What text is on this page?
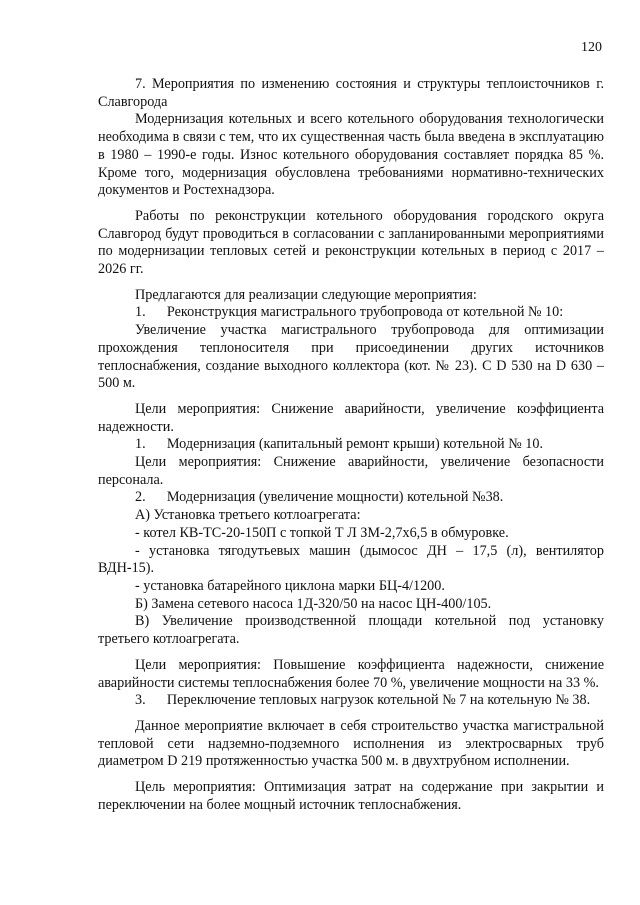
120

7. Мероприятия по изменению состояния и структуры теплоисточников г. Славгорода

Модернизация котельных и всего котельного оборудования технологически необходима в связи с тем, что их существенная часть была введена в эксплуатацию в 1980 – 1990-е годы. Износ котельного оборудования составляет порядка 85 %. Кроме того, модернизация обусловлена требованиями нормативно-технических документов и Ростехнадзора.

Работы по реконструкции котельного оборудования городского округа Славгород будут проводиться в согласовании с запланированными мероприятиями по модернизации тепловых сетей и реконструкции котельных в период с 2017 – 2026 гг.

Предлагаются для реализации следующие мероприятия:

1.      Реконструкция магистрального трубопровода от котельной № 10:

Увеличение участка магистрального трубопровода для оптимизации прохождения теплоносителя при присоединении других источников теплоснабжения, создание выходного коллектора (кот. № 23). С D 530 на D 630 – 500 м.

Цели мероприятия: Снижение аварийности, увеличение коэффициента надежности.

1.      Модернизация (капитальный ремонт крыши) котельной № 10.

Цели мероприятия: Снижение аварийности, увеличение безопасности персонала.

2.      Модернизация (увеличение мощности) котельной №38.

А) Установка третьего котлоагрегата:

- котел КВ-ТС-20-150П с топкой Т Л ЗМ-2,7х6,5 в обмуровке.

- установка тягодутьевых машин (дымосос ДН – 17,5 (л), вентилятор ВДН-15).

- установка батарейного циклона марки БЦ-4/1200.

Б) Замена сетевого насоса 1Д-320/50 на насос ЦН-400/105.

В) Увеличение производственной площади котельной под установку третьего котлоагрегата.

Цели мероприятия: Повышение коэффициента надежности, снижение аварийности системы теплоснабжения более 70 %, увеличение мощности на 33 %.

3.      Переключение тепловых нагрузок котельной № 7 на котельную № 38.

Данное мероприятие включает в себя строительство участка магистральной тепловой сети надземно-подземного исполнения из электросварных труб диаметром D 219 протяженностью участка 500 м. в двухтрубном исполнении.

Цель мероприятия: Оптимизация затрат на содержание при закрытии и переключении на более мощный источник теплоснабжения.
